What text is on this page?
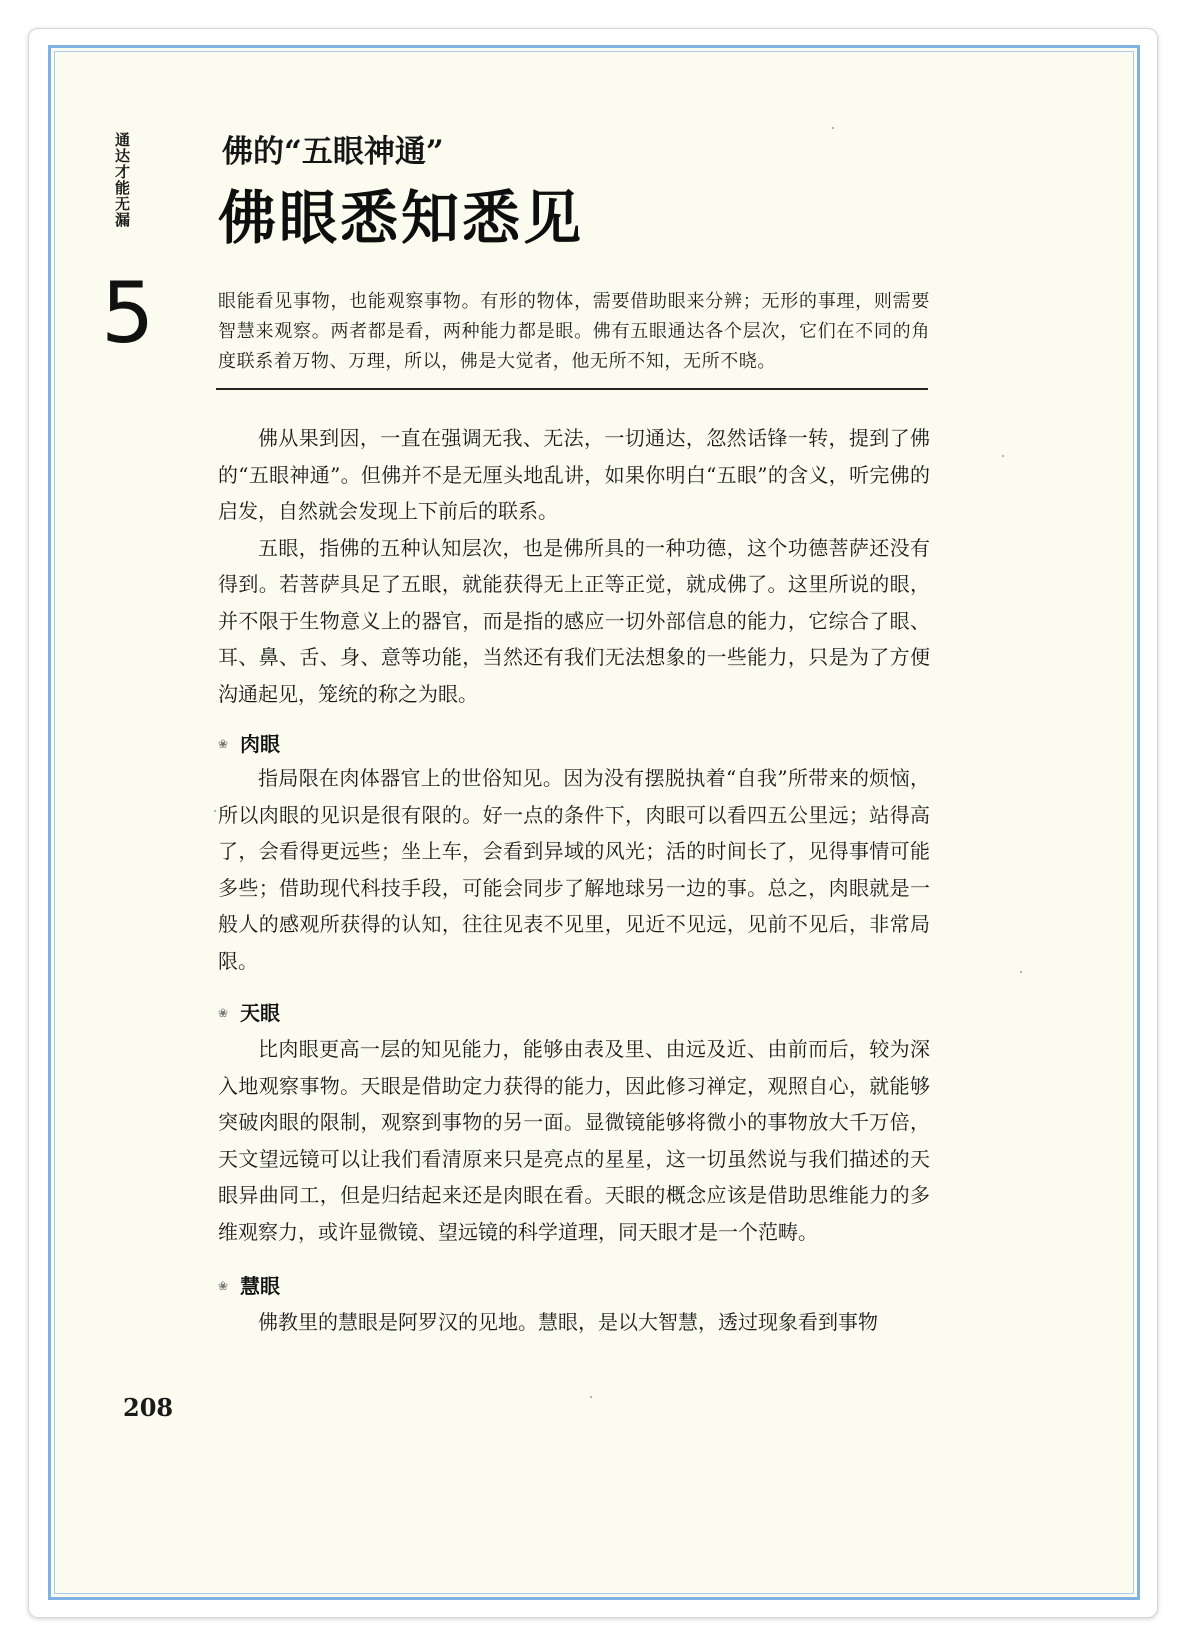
通达才能无漏
5
佛的“五眼神通”
佛眼悉知悉见
眼能看见事物，也能观察事物。有形的物体，需要借助眼来分辨；无形的事理，则需要智慧来观察。两者都是看，两种能力都是眼。佛有五眼通达各个层次，它们在不同的角度联系着万物、万理，所以，佛是大觉者，他无所不知，无所不晓。

佛从果到因，一直在强调无我、无法，一切通达，忽然话锋一转，提到了佛的“五眼神通”。但佛并不是无厘头地乱讲，如果你明白“五眼”的含义，听完佛的启发，自然就会发现上下前后的联系。

五眼，指佛的五种认知层次，也是佛所具的一种功德，这个功德菩萨还没有得到。若菩萨具足了五眼，就能获得无上正等正觉，就成佛了。这里所说的眼，并不限于生物意义上的器官，而是指的感应一切外部信息的能力，它综合了眼、耳、鼻、舌、身、意等功能，当然还有我们无法想象的一些能力，只是为了方便沟通起见，笼统的称之为眼。

❀ 肉眼

指局限在肉体器官上的世俗知见。因为没有摆脱执着“自我”所带来的烦恼，所以肉眼的见识是很有限的。好一点的条件下，肉眼可以看四五公里远；站得高了，会看得更远些；坐上车，会看到异域的风光；活的时间长了，见得事情可能多些；借助现代科技手段，可能会同步了解地球另一边的事。总之，肉眼就是一般人的感观所获得的认知，往往见表不见里，见近不见远，见前不见后，非常局限。

❀ 天眼

比肉眼更高一层的知见能力，能够由表及里、由远及近、由前而后，较为深入地观察事物。天眼是借助定力获得的能力，因此修习禅定，观照自心，就能够突破肉眼的限制，观察到事物的另一面。显微镜能够将微小的事物放大千万倍，天文望远镜可以让我们看清原来只是亮点的星星，这一切虽然说与我们描述的天眼异曲同工，但是归结起来还是肉眼在看。天眼的概念应该是借助思维能力的多维观察力，或许显微镜、望远镜的科学道理，同天眼才是一个范畴。

❀ 慧眼

佛教里的慧眼是阿罗汉的见地。慧眼，是以大智慧，透过现象看到事物

208
